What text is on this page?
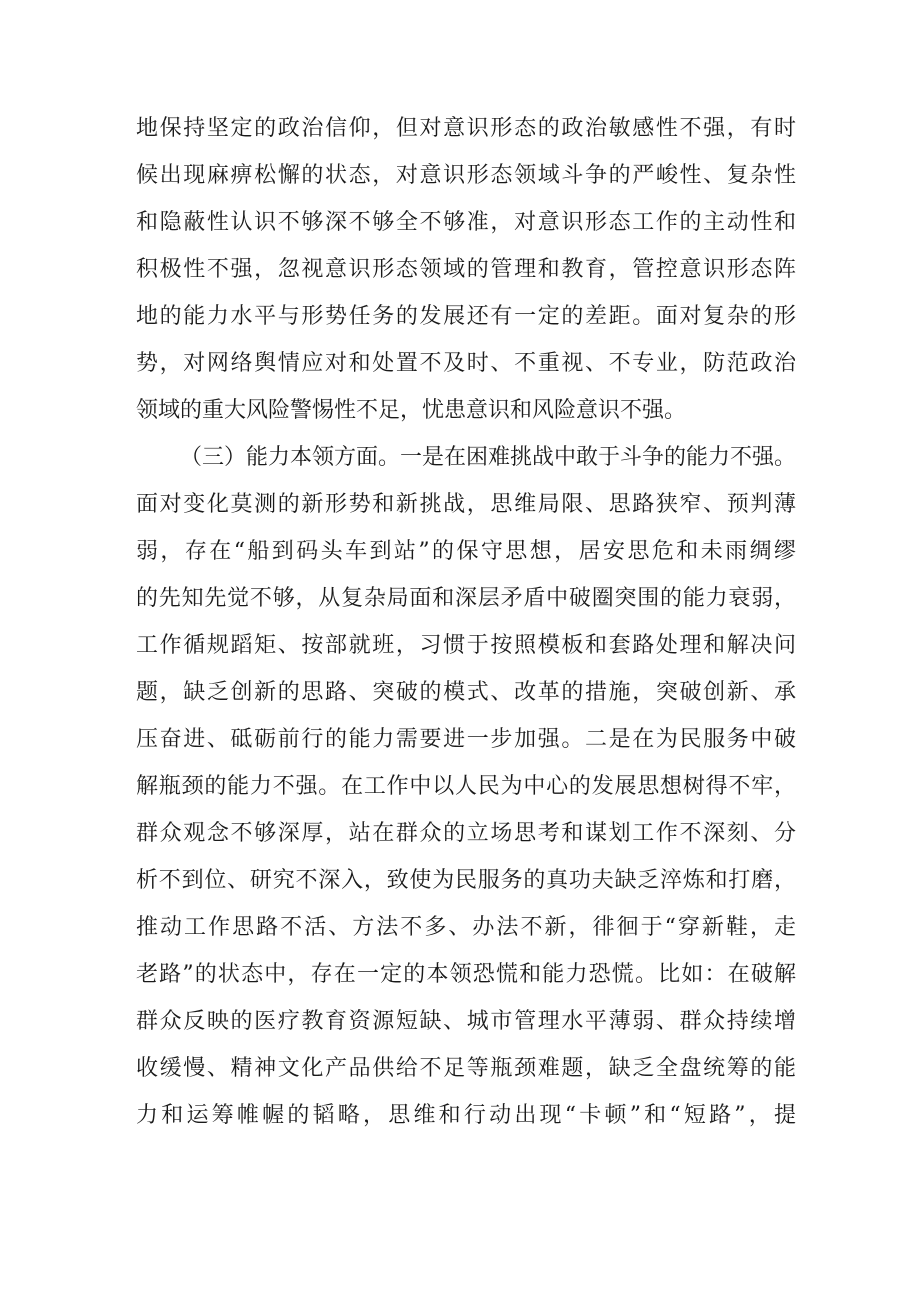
地保持坚定的政治信仰，但对意识形态的政治敏感性不强，有时
候出现麻痹松懈的状态，对意识形态领域斗争的严峻性、复杂性
和隐蔽性认识不够深不够全不够准，对意识形态工作的主动性和
积极性不强，忽视意识形态领域的管理和教育，管控意识形态阵
地的能力水平与形势任务的发展还有一定的差距。面对复杂的形
势，对网络舆情应对和处置不及时、不重视、不专业，防范政治
领域的重大风险警惕性不足，忧患意识和风险意识不强。
（三）能力本领方面。一是在困难挑战中敢于斗争的能力不强。
面对变化莫测的新形势和新挑战，思维局限、思路狭窄、预判薄
弱，存在“船到码头车到站”的保守思想，居安思危和未雨绸缪
的先知先觉不够，从复杂局面和深层矛盾中破圈突围的能力衰弱，
工作循规蹈矩、按部就班，习惯于按照模板和套路处理和解决问
题，缺乏创新的思路、突破的模式、改革的措施，突破创新、承
压奋进、砥砺前行的能力需要进一步加强。二是在为民服务中破
解瓶颈的能力不强。在工作中以人民为中心的发展思想树得不牢，
群众观念不够深厚，站在群众的立场思考和谋划工作不深刻、分
析不到位、研究不深入，致使为民服务的真功夫缺乏淬炼和打磨，
推动工作思路不活、方法不多、办法不新，徘徊于“穿新鞋，走
老路”的状态中，存在一定的本领恐慌和能力恐慌。比如：在破解
群众反映的医疗教育资源短缺、城市管理水平薄弱、群众持续增
收缓慢、精神文化产品供给不足等瓶颈难题，缺乏全盘统筹的能
力和运筹帷幄的韬略，思维和行动出现“卡顿”和“短路”，提
